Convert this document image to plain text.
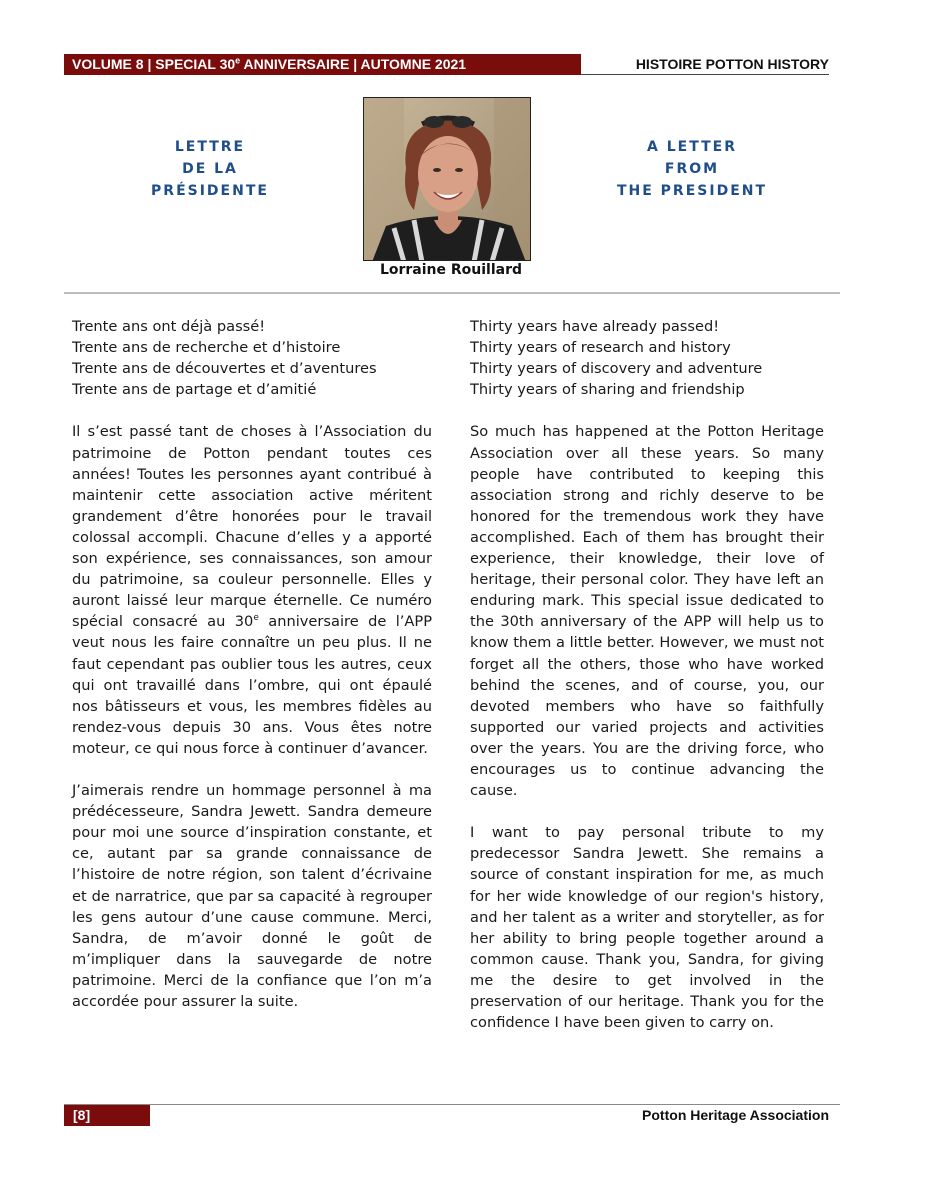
VOLUME 8 | SPECIAL 30e ANNIVERSAIRE | AUTOMNE 2021	HISTOIRE POTTON HISTORY
LETTRE
DE LA
PRÉSIDENTE
Lorraine Rouillard
A LETTER
FROM
THE PRESIDENT

Trente ans ont déjà passé!
Trente ans de recherche et d’histoire
Trente ans de découvertes et d’aventures
Trente ans de partage et d’amitié

Il s’est passé tant de choses à l’Association du patrimoine de Potton pendant toutes ces années! Toutes les personnes ayant contribué à maintenir cette association active méritent grandement d’être honorées pour le travail colossal accompli. Chacune d’elles y a apporté son expérience, ses connaissances, son amour du patrimoine, sa couleur personnelle. Elles y auront laissé leur marque éternelle. Ce numéro spécial consacré au 30e anniversaire de l’APP veut nous les faire connaître un peu plus. Il ne faut cependant pas oublier tous les autres, ceux qui ont travaillé dans l’ombre, qui ont épaulé nos bâtisseurs et vous, les membres fidèles au rendez-vous depuis 30 ans. Vous êtes notre moteur, ce qui nous force à continuer d’avancer.

J’aimerais rendre un hommage personnel à ma prédécesseure, Sandra Jewett. Sandra demeure pour moi une source d’inspiration constante, et ce, autant par sa grande connaissance de l’histoire de notre région, son talent d’écrivaine et de narratrice, que par sa capacité à regrouper les gens autour d’une cause commune. Merci, Sandra, de m’avoir donné le goût de m’impliquer dans la sauvegarde de notre patrimoine. Merci de la confiance que l’on m’a accordée pour assurer la suite.

Thirty years have already passed!
Thirty years of research and history
Thirty years of discovery and adventure
Thirty years of sharing and friendship

So much has happened at the Potton Heritage Association over all these years. So many people have contributed to keeping this association strong and richly deserve to be honored for the tremendous work they have accomplished. Each of them has brought their experience, their knowledge, their love of heritage, their personal color. They have left an enduring mark. This special issue dedicated to the 30th anniversary of the APP will help us to know them a little better. However, we must not forget all the others, those who have worked behind the scenes, and of course, you, our devoted members who have so faithfully supported our varied projects and activities over the years. You are the driving force, who encourages us to continue advancing the cause.

I want to pay personal tribute to my predecessor Sandra Jewett. She remains a source of constant inspiration for me, as much for her wide knowledge of our region's history, and her talent as a writer and storyteller, as for her ability to bring people together around a common cause. Thank you, Sandra, for giving me the desire to get involved in the preservation of our heritage. Thank you for the confidence I have been given to carry on.

[8]	Potton Heritage Association
